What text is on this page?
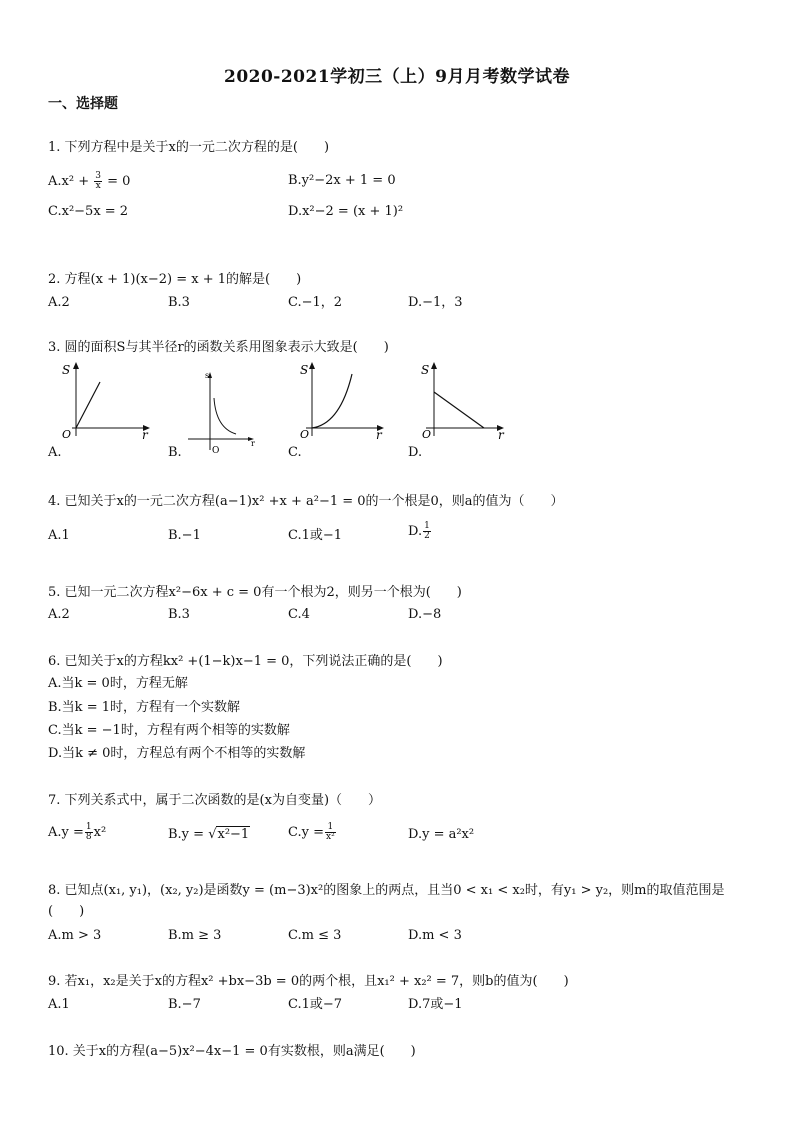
2020-2021学初三（上）9月月考数学试卷
一、选择题
1. 下列方程中是关于x的一元二次方程的是(　　)
$A.x^2 + \frac{3}{x} = 0$	B.y²−2x + 1 = 0
C.x²−5x = 2	D.x²−2 = (x + 1)²
2. 方程(x + 1)(x−2) = x + 1的解是(　　)
A.2	B.3	C.−1，2	D.−1，3
3. 圆的面积S与其半径r的函数关系用图象表示大致是(　　)
S
r
O
s
r
O
S
r
O
S
r
O
A.	B.	C.	D.
4. 已知关于x的一元二次方程(a−1)x² +x + a²−1 = 0的一个根是0，则a的值为（　　）
A.1	B.−1	C.1或−1	D. $\frac{1}{2}$
5. 已知一元二次方程x²−6x + c = 0有一个根为2，则另一个根为(　　)
A.2	B.3	C.4	D.−8
6. 已知关于x的方程kx² +(1−k)x−1 = 0，下列说法正确的是(　　)
A.当k = 0时，方程无解
B.当k = 1时，方程有一个实数解
C.当k = −1时，方程有两个相等的实数解
D.当k ≠ 0时，方程总有两个不相等的实数解
7. 下列关系式中，属于二次函数的是(x为自变量)（　　）
$A.y = \frac{1}{8} x^2$	B.y = √x²−1	$C.y = \frac{1}{\text{x²}}$	D.y = a²x²
8. 已知点(x₁, y₁)，(x₂, y₂)是函数y = (m−3)x²的图象上的两点，且当0 < x₁ < x₂时，有y₁ > y₂，则m的取值范围是
(　　)
A.m > 3	B.m ≥ 3	C.m ≤ 3	D.m < 3
9. 若x₁，x₂是关于x的方程x² +bx−3b = 0的两个根，且x₁² + x₂² = 7，则b的值为(　　)
A.1	B.−7	C.1或−7	D.7或−1
10. 关于x的方程(a−5)x²−4x−1 = 0有实数根，则a满足(　　)
